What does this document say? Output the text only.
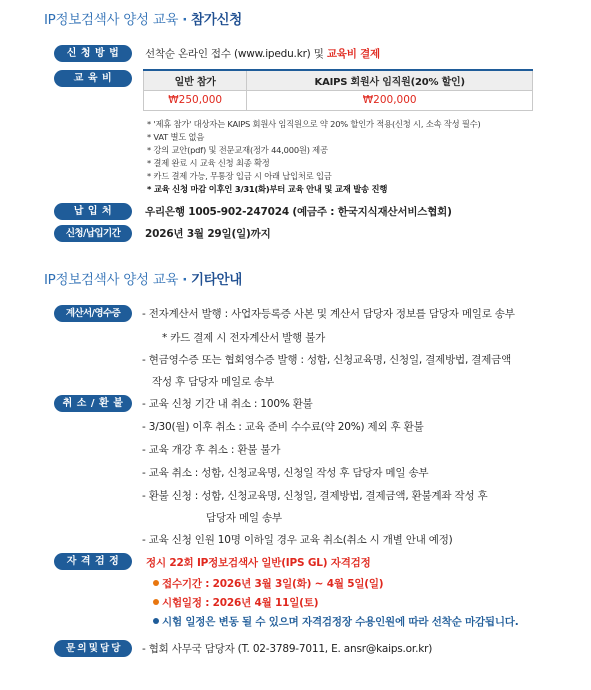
IP정보검색사 양성 교육 · 참가신청
신 청 방 법	선착순 온라인 접수 (www.ipedu.kr) 및 교육비 결제
교 육 비	일반 참가	KAIPS 회원사 임직원(20% 할인)
₩250,000	₩200,000
* '제휴 참가' 대상자는 KAIPS 회원사 임직원으로 약 20% 할인가 적용(신청 시, 소속 작성 필수)
* VAT 별도 없음
* 강의 교안(pdf) 및 전문교재(정가 44,000원) 제공
* 결제 완료 시 교육 신청 최종 확정
* 카드 결제 가능, 무통장 입금 시 아래 납입처로 입금
* 교육 신청 마감 이후인 3/31(화)부터 교육 안내 및 교재 발송 진행
납 입 처	우리은행 1005-902-247024 (예금주 : 한국지식재산서비스협회)
신청/납입기간	2026년 3월 29일(일)까지
IP정보검색사 양성 교육 · 기타안내
계산서/영수증	- 전자계산서 발행 : 사업자등록증 사본 및 계산서 담당자 정보를 담당자 메일로 송부
* 카드 결제 시 전자계산서 발행 불가
- 현금영수증 또는 협회영수증 발행 : 성함, 신청교육명, 신청일, 결제방법, 결제금액
작성 후 담당자 메일로 송부
취 소 / 환 불	- 교육 신청 기간 내 취소 : 100% 환불
- 3/30(월) 이후 취소 : 교육 준비 수수료(약 20%) 제외 후 환불
- 교육 개강 후 취소 : 환불 불가
- 교육 취소 : 성함, 신청교육명, 신청일 작성 후 담당자 메일 송부
- 환불 신청 : 성함, 신청교육명, 신청일, 결제방법, 결제금액, 환불계좌 작성 후
담당자 메일 송부
- 교육 신청 인원 10명 이하일 경우 교육 취소(취소 시 개별 안내 예정)
자 격 검 정	정시 22회 IP정보검색사 일반(IPS GL) 자격검정
접수기간 : 2026년 3월 3일(화) ~ 4월 5일(일)
시험일정 : 2026년 4월 11일(토)
시험 일정은 변동 될 수 있으며 자격검정장 수용인원에 따라 선착순 마감됩니다.
문 의 및 담 당	- 협회 사무국 담당자 (T. 02-3789-7011, E. ansr@kaips.or.kr)
